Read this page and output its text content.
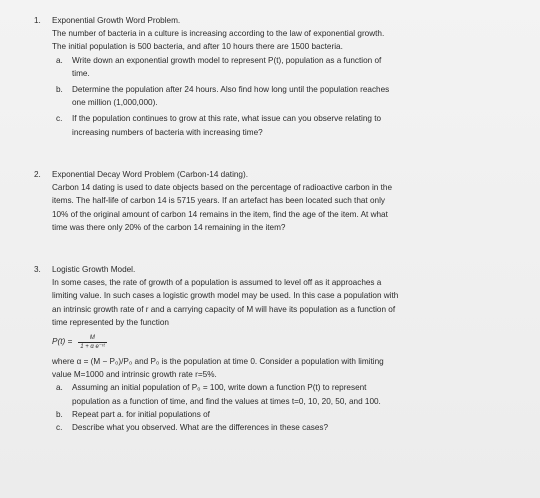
1. Exponential Growth Word Problem.
The number of bacteria in a culture is increasing according to the law of exponential growth.
The initial population is 500 bacteria, and after 10 hours there are 1500 bacteria.
a. Write down an exponential growth model to represent P(t), population as a function of
time.
b. Determine the population after 24 hours. Also find how long until the population reaches
one million (1,000,000).
c. If the population continues to grow at this rate, what issue can you observe relating to
increasing numbers of bacteria with increasing time?
2. Exponential Decay Word Problem (Carbon-14 dating).
Carbon 14 dating is used to date objects based on the percentage of radioactive carbon in the
items. The half-life of carbon 14 is 5715 years. If an artefact has been located such that only
10% of the original amount of carbon 14 remains in the item, find the age of the item. At what
time was there only 20% of the carbon 14 remaining in the item?
3. Logistic Growth Model.
In some cases, the rate of growth of a population is assumed to level off as it approaches a
limiting value. In such cases a logistic growth model may be used. In this case a population with
an intrinsic growth rate of r and a carrying capacity of M will have its population as a function of
time represented by the function
$P(t) = \frac{M}{\text{1 + α e⁻ʳᵗ}}$
where α = (M − P₀)/P₀ and P₀ is the population at time 0. Consider a population with limiting
value M=1000 and intrinsic growth rate r=5%.
a. Assuming an initial population of P₀ = 100, write down a function P(t) to represent
population as a function of time, and find the values at times t=0, 10, 20, 50, and 100.
b. Repeat part a. for initial populations of
c. Describe what you observed. What are the differences in these cases?
